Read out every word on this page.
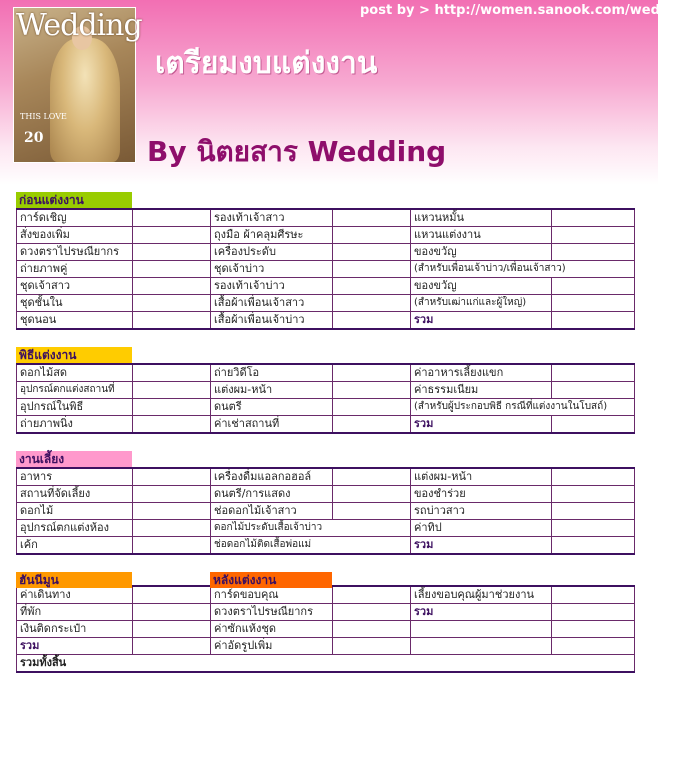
Wedding
THIS LOVE
20
post by > http://women.sanook.com/wedding
เตรียมงบแต่งงาน
By นิตยสาร Wedding
ก่อนแต่งงาน
การ์ดเชิญ		รองเท้าเจ้าสาว		แหวนหมั้น	
สั่งของเพิ่ม		ถุงมือ ผ้าคลุมศีรษะ		แหวนแต่งงาน	
ดวงตราไปรษณียากร		เครื่องประดับ		ของขวัญ	
ถ่ายภาพคู่		ชุดเจ้าบ่าว		(สำหรับเพื่อนเจ้าบ่าว/เพื่อนเจ้าสาว)	
ชุดเจ้าสาว		รองเท้าเจ้าบ่าว		ของขวัญ	
ชุดชั้นใน		เสื้อผ้าเพื่อนเจ้าสาว		(สำหรับเฒ่าแก่และผู้ใหญ่)	
ชุดนอน		เสื้อผ้าเพื่อนเจ้าบ่าว		รวม	
พิธีแต่งงาน
ดอกไม้สด		ถ่ายวิดีโอ		ค่าอาหารเลี้ยงแขก	
อุปกรณ์ตกแต่งสถานที่		แต่งผม-หน้า		ค่าธรรมเนียม	
อุปกรณ์ในพิธี		ดนตรี		(สำหรับผู้ประกอบพิธี กรณีที่แต่งงานในโบสถ์)	
ถ่ายภาพนิ่ง		ค่าเช่าสถานที่		รวม	
งานเลี้ยง
อาหาร		เครื่องดื่มแอลกอฮอล์		แต่งผม-หน้า	
สถานที่จัดเลี้ยง		ดนตรี/การแสดง		ของชำร่วย	
ดอกไม้		ช่อดอกไม้เจ้าสาว		รถบ่าวสาว	
อุปกรณ์ตกแต่งห้อง		ดอกไม้ประดับเสื้อเจ้าบ่าว		ค่าทิป	
เค้ก		ช่อดอกไม้ติดเสื้อพ่อแม่		รวม	
ฮันนีมูน	หลังแต่งงาน
ค่าเดินทาง		การ์ดขอบคุณ		เลี้ยงขอบคุณผู้มาช่วยงาน	
ที่พัก		ดวงตราไปรษณียากร		รวม	
เงินติดกระเป๋า		ค่าซักแห้งชุด			
รวม		ค่าอัดรูปเพิ่ม			
รวมทั้งสิ้น					
